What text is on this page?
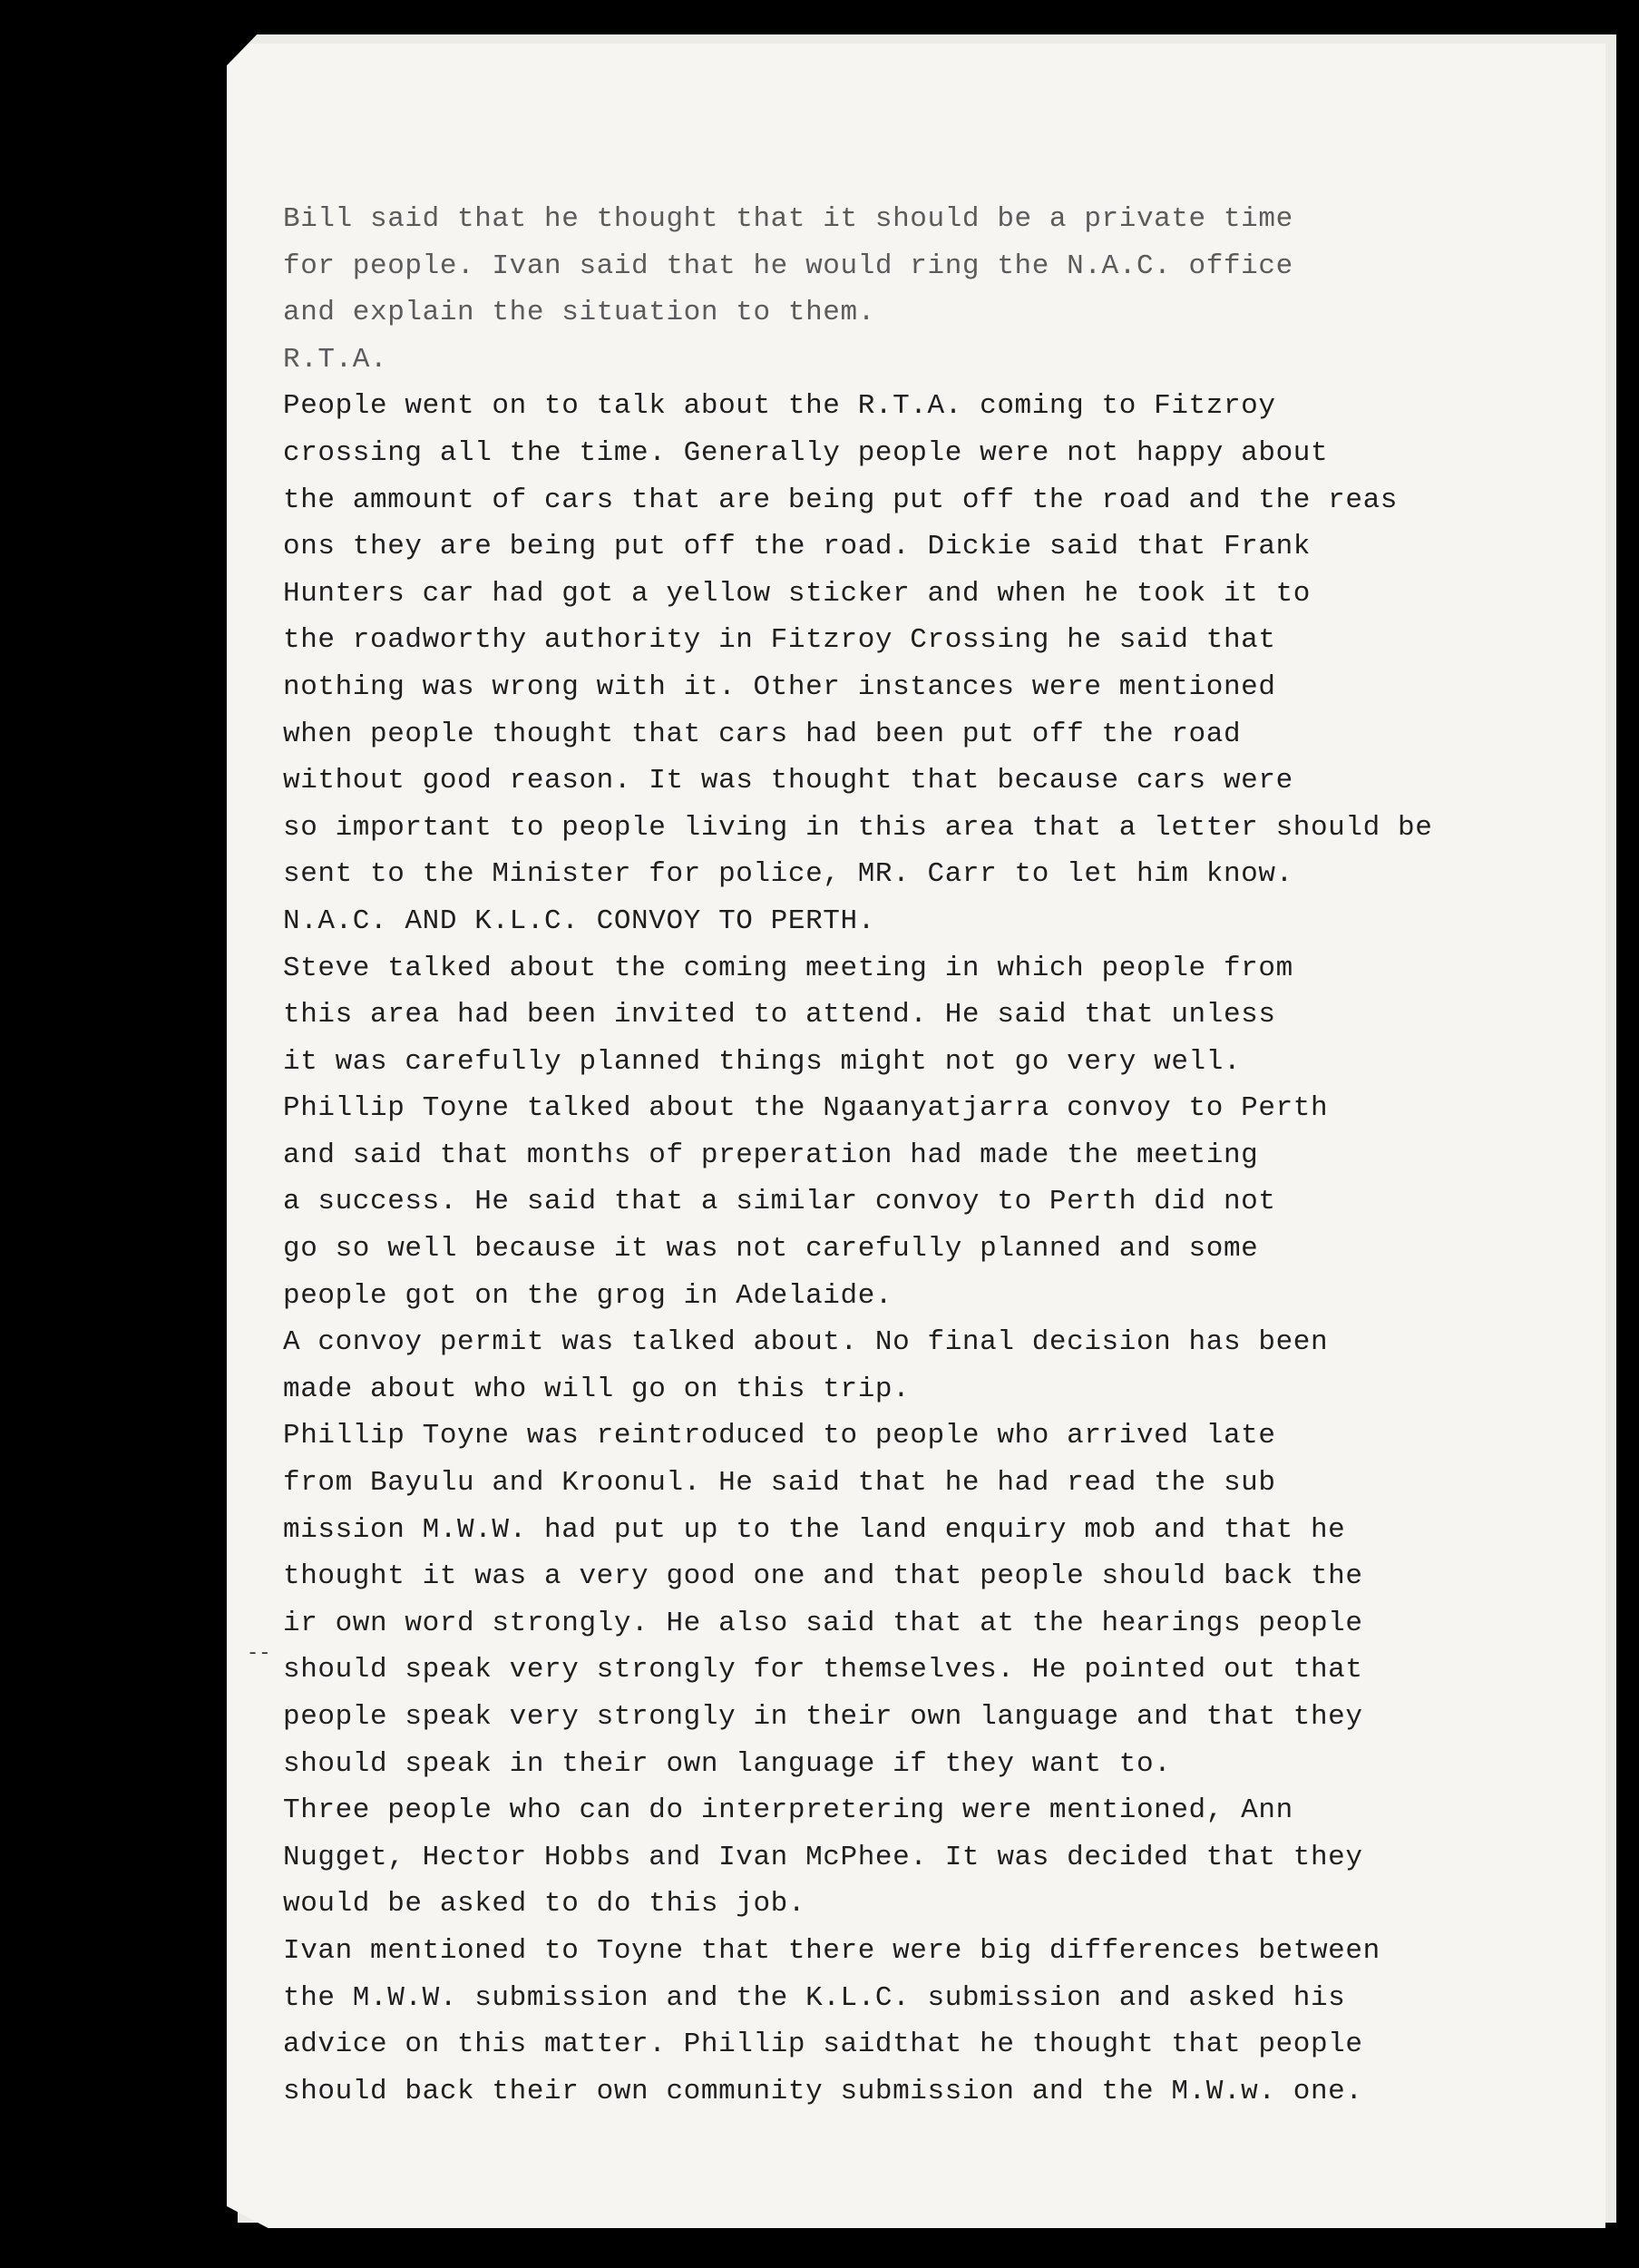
--
Bill said that he thought that it should be a private time
for people. Ivan said that he would ring the N.A.C. office
and explain the situation to them.
R.T.A.
People went on to talk about the R.T.A. coming to Fitzroy
crossing all the time. Generally people were not happy about
the ammount of cars that are being put off the road and the reas
ons they are being put off the road. Dickie said that Frank
Hunters car had got a yellow sticker and when he took it to
the roadworthy authority in Fitzroy Crossing he said that
nothing was wrong with it. Other instances were mentioned
when people thought that cars had been put off the road
without good reason. It was thought that because cars were
so important to people living in this area that a letter should be
sent to the Minister for police, MR. Carr to let him know.
N.A.C. AND K.L.C. CONVOY TO PERTH.
Steve talked about the coming meeting in which people from
this area had been invited to attend. He said that unless
it was carefully planned things might not go very well.
Phillip Toyne talked about the Ngaanyatjarra convoy to Perth
and said that months of preperation had made the meeting
a success. He said that a similar convoy to Perth did not
go so well because it was not carefully planned and some
people got on the grog in Adelaide.
A convoy permit was talked about. No final decision has been
made about who will go on this trip.
Phillip Toyne was reintroduced to people who arrived late
from Bayulu and Kroonul. He said that he had read the sub
mission M.W.W. had put up to the land enquiry mob and that he
thought it was a very good one and that people should back the
ir own word strongly. He also said that at the hearings people
should speak very strongly for themselves. He pointed out that
people speak very strongly in their own language and that they
should speak in their own language if they want to.
Three people who can do interpretering were mentioned, Ann
Nugget, Hector Hobbs and Ivan McPhee. It was decided that they
would be asked to do this job.
Ivan mentioned to Toyne that there were big differences between
the M.W.W. submission and the K.L.C. submission and asked his
advice on this matter. Phillip saidthat he thought that people
should back their own community submission and the M.W.w. one.
